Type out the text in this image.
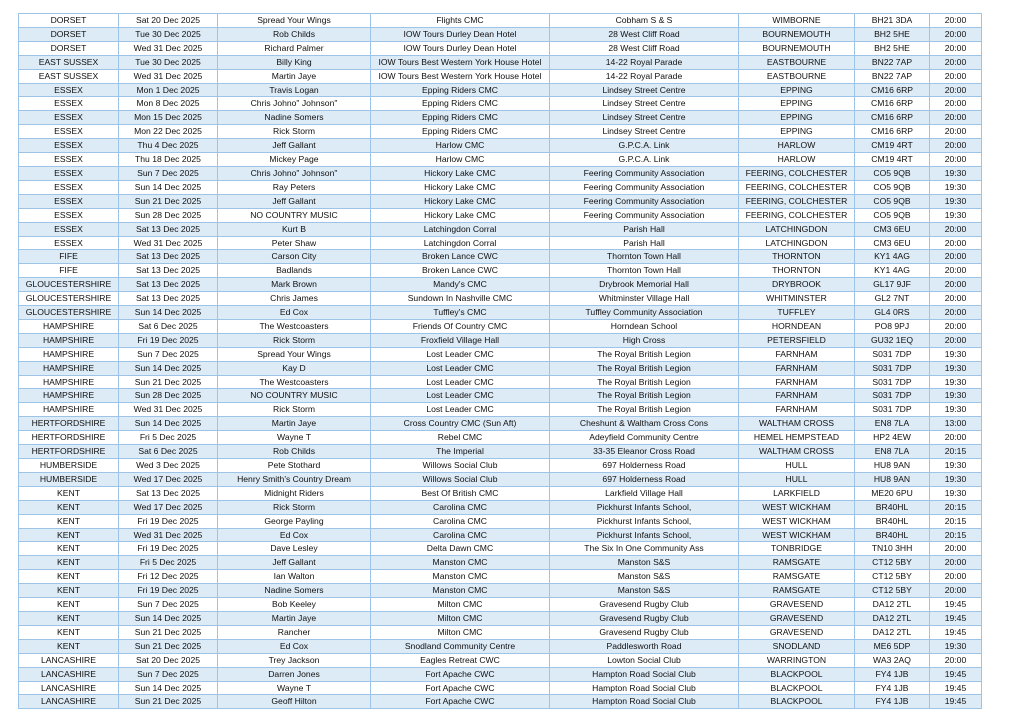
DORSET	Sat 20 Dec 2025	Spread Your Wings	Flights CMC	Cobham S & S	WIMBORNE	BH21 3DA	20:00
DORSET	Tue 30 Dec 2025	Rob Childs	IOW Tours Durley Dean Hotel	28 West Cliff Road	BOURNEMOUTH	BH2 5HE	20:00
DORSET	Wed 31 Dec 2025	Richard Palmer	IOW Tours Durley Dean Hotel	28 West Cliff Road	BOURNEMOUTH	BH2 5HE	20:00
EAST SUSSEX	Tue 30 Dec 2025	Billy King	IOW Tours Best Western York House Hotel	14-22 Royal Parade	EASTBOURNE	BN22 7AP	20:00
EAST SUSSEX	Wed 31 Dec 2025	Martin Jaye	IOW Tours Best Western York House Hotel	14-22 Royal Parade	EASTBOURNE	BN22 7AP	20:00
ESSEX	Mon 1 Dec 2025	Travis Logan	Epping Riders CMC	Lindsey Street Centre	EPPING	CM16 6RP	20:00
ESSEX	Mon 8 Dec 2025	Chris Johno" Johnson"	Epping Riders CMC	Lindsey Street Centre	EPPING	CM16 6RP	20:00
ESSEX	Mon 15 Dec 2025	Nadine Somers	Epping Riders CMC	Lindsey Street Centre	EPPING	CM16 6RP	20:00
ESSEX	Mon 22 Dec 2025	Rick Storm	Epping Riders CMC	Lindsey Street Centre	EPPING	CM16 6RP	20:00
ESSEX	Thu 4 Dec 2025	Jeff Gallant	Harlow CMC	G.P.C.A. Link	HARLOW	CM19 4RT	20:00
ESSEX	Thu 18 Dec 2025	Mickey Page	Harlow CMC	G.P.C.A. Link	HARLOW	CM19 4RT	20:00
ESSEX	Sun 7 Dec 2025	Chris Johno" Johnson"	Hickory Lake CMC	Feering Community Association	FEERING, COLCHESTER	CO5 9QB	19:30
ESSEX	Sun 14 Dec 2025	Ray Peters	Hickory Lake CMC	Feering Community Association	FEERING, COLCHESTER	CO5 9QB	19:30
ESSEX	Sun 21 Dec 2025	Jeff Gallant	Hickory Lake CMC	Feering Community Association	FEERING, COLCHESTER	CO5 9QB	19:30
ESSEX	Sun 28 Dec 2025	NO COUNTRY MUSIC	Hickory Lake CMC	Feering Community Association	FEERING, COLCHESTER	CO5 9QB	19:30
ESSEX	Sat 13 Dec 2025	Kurt B	Latchingdon Corral	Parish Hall	LATCHINGDON	CM3 6EU	20:00
ESSEX	Wed 31 Dec 2025	Peter Shaw	Latchingdon Corral	Parish Hall	LATCHINGDON	CM3 6EU	20:00
FIFE	Sat 13 Dec 2025	Carson City	Broken Lance CWC	Thornton Town Hall	THORNTON	KY1 4AG	20:00
FIFE	Sat 13 Dec 2025	Badlands	Broken Lance CWC	Thornton Town Hall	THORNTON	KY1 4AG	20:00
GLOUCESTERSHIRE	Sat 13 Dec 2025	Mark Brown	Mandy's CMC	Drybrook Memorial Hall	DRYBROOK	GL17 9JF	20:00
GLOUCESTERSHIRE	Sat 13 Dec 2025	Chris James	Sundown In Nashville CMC	Whitminster Village Hall	WHITMINSTER	GL2 7NT	20:00
GLOUCESTERSHIRE	Sun 14 Dec 2025	Ed Cox	Tuffley's CMC	Tuffley Community Association	TUFFLEY	GL4 0RS	20:00
HAMPSHIRE	Sat 6 Dec 2025	The Westcoasters	Friends Of Country CMC	Horndean School	HORNDEAN	PO8 9PJ	20:00
HAMPSHIRE	Fri 19 Dec 2025	Rick Storm	Froxfield Village Hall	High Cross	PETERSFIELD	GU32 1EQ	20:00
HAMPSHIRE	Sun 7 Dec 2025	Spread Your Wings	Lost Leader CMC	The Royal British Legion	FARNHAM	S031 7DP	19:30
HAMPSHIRE	Sun 14 Dec 2025	Kay D	Lost Leader CMC	The Royal British Legion	FARNHAM	S031 7DP	19:30
HAMPSHIRE	Sun 21 Dec 2025	The Westcoasters	Lost Leader CMC	The Royal British Legion	FARNHAM	S031 7DP	19:30
HAMPSHIRE	Sun 28 Dec 2025	NO COUNTRY MUSIC	Lost Leader CMC	The Royal British Legion	FARNHAM	S031 7DP	19:30
HAMPSHIRE	Wed 31 Dec 2025	Rick Storm	Lost Leader CMC	The Royal British Legion	FARNHAM	S031 7DP	19:30
HERTFORDSHIRE	Sun 14 Dec 2025	Martin Jaye	Cross Country CMC (Sun Aft)	Cheshunt & Waltham Cross Cons	WALTHAM CROSS	EN8 7LA	13:00
HERTFORDSHIRE	Fri 5 Dec 2025	Wayne T	Rebel CMC	Adeyfield Community Centre	HEMEL HEMPSTEAD	HP2 4EW	20:00
HERTFORDSHIRE	Sat 6 Dec 2025	Rob Childs	The Imperial	33-35 Eleanor Cross Road	WALTHAM CROSS	EN8 7LA	20:15
HUMBERSIDE	Wed 3 Dec 2025	Pete Stothard	Willows Social Club	697 Holderness Road	HULL	HU8 9AN	19:30
HUMBERSIDE	Wed 17 Dec 2025	Henry Smith's Country Dream	Willows Social Club	697 Holderness Road	HULL	HU8 9AN	19:30
KENT	Sat 13 Dec 2025	Midnight Riders	Best Of British CMC	Larkfield Village Hall	LARKFIELD	ME20 6PU	19:30
KENT	Wed 17 Dec 2025	Rick Storm	Carolina CMC	Pickhurst Infants School,	WEST WICKHAM	BR40HL	20:15
KENT	Fri 19 Dec 2025	George Payling	Carolina CMC	Pickhurst Infants School,	WEST WICKHAM	BR40HL	20:15
KENT	Wed 31 Dec 2025	Ed Cox	Carolina CMC	Pickhurst Infants School,	WEST WICKHAM	BR40HL	20:15
KENT	Fri 19 Dec 2025	Dave Lesley	Delta Dawn CMC	The Six In One Community Ass	TONBRIDGE	TN10 3HH	20:00
KENT	Fri 5 Dec 2025	Jeff Gallant	Manston CMC	Manston S&S	RAMSGATE	CT12 5BY	20:00
KENT	Fri 12 Dec 2025	Ian Walton	Manston CMC	Manston S&S	RAMSGATE	CT12 5BY	20:00
KENT	Fri 19 Dec 2025	Nadine Somers	Manston CMC	Manston S&S	RAMSGATE	CT12 5BY	20:00
KENT	Sun 7 Dec 2025	Bob Keeley	Milton CMC	Gravesend Rugby Club	GRAVESEND	DA12 2TL	19:45
KENT	Sun 14 Dec 2025	Martin Jaye	Milton CMC	Gravesend Rugby Club	GRAVESEND	DA12 2TL	19:45
KENT	Sun 21 Dec 2025	Rancher	Milton CMC	Gravesend Rugby Club	GRAVESEND	DA12 2TL	19:45
KENT	Sun 21 Dec 2025	Ed Cox	Snodland Community Centre	Paddlesworth Road	SNODLAND	ME6 5DP	19:30
LANCASHIRE	Sat 20 Dec 2025	Trey Jackson	Eagles Retreat CWC	Lowton Social Club	WARRINGTON	WA3 2AQ	20:00
LANCASHIRE	Sun 7 Dec 2025	Darren Jones	Fort Apache CWC	Hampton Road Social Club	BLACKPOOL	FY4 1JB	19:45
LANCASHIRE	Sun 14 Dec 2025	Wayne T	Fort Apache CWC	Hampton Road Social Club	BLACKPOOL	FY4 1JB	19:45
LANCASHIRE	Sun 21 Dec 2025	Geoff Hilton	Fort Apache CWC	Hampton Road Social Club	BLACKPOOL	FY4 1JB	19:45
